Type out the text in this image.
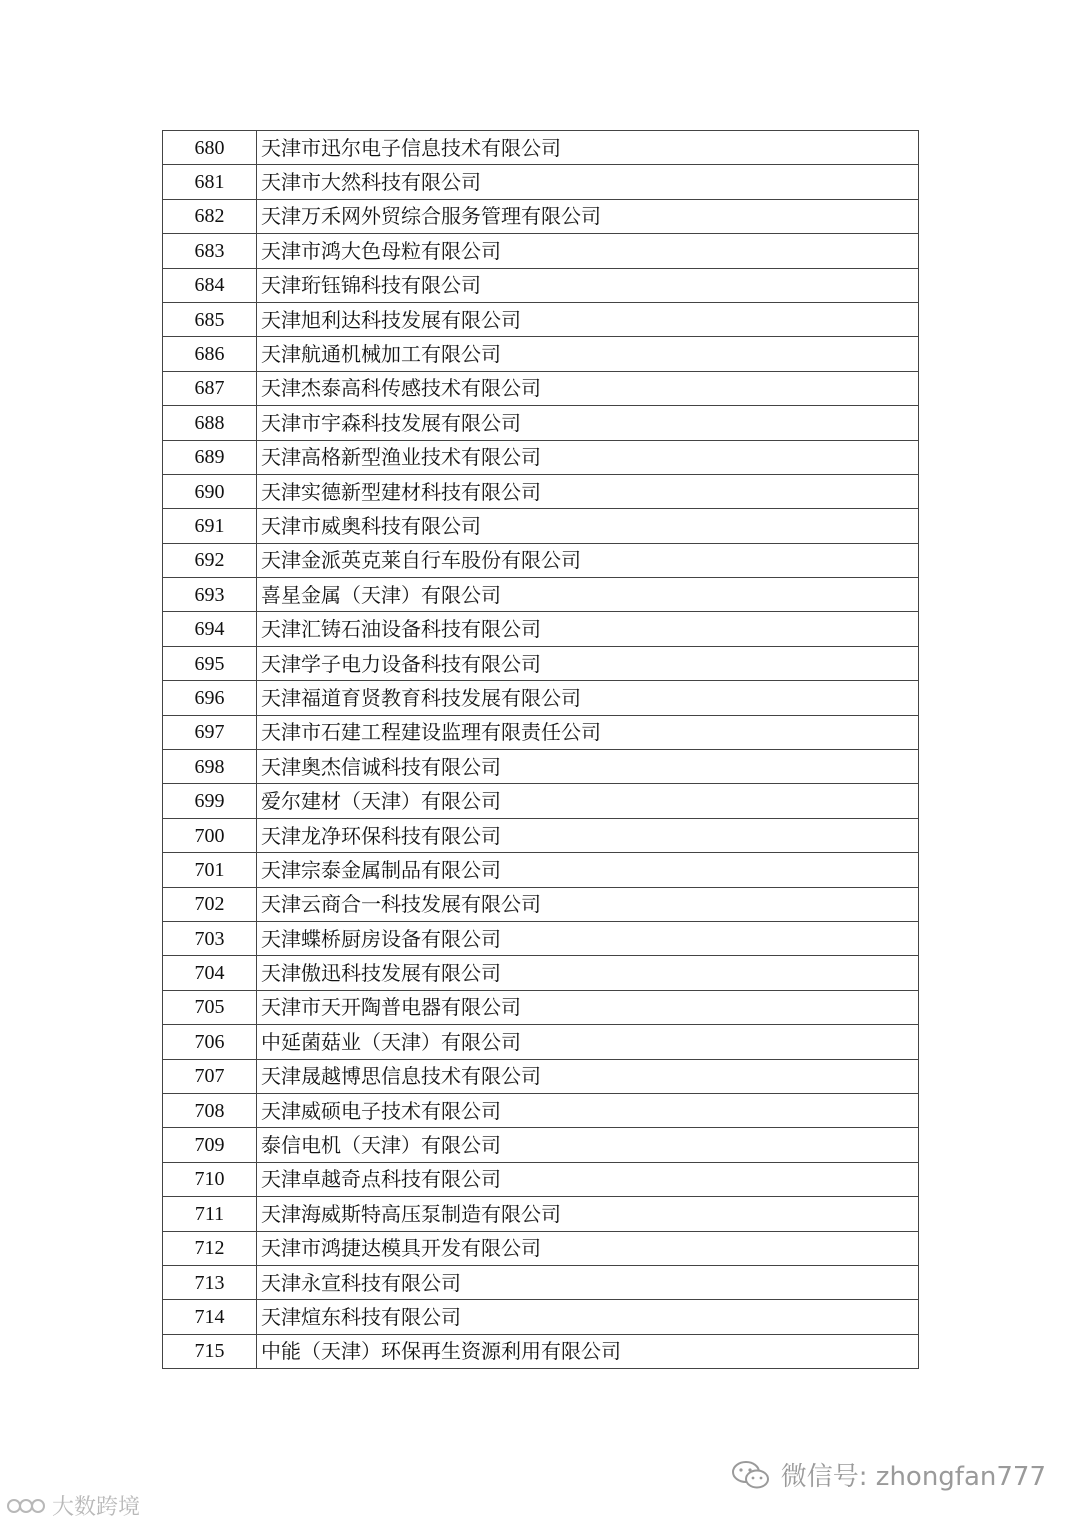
680	天津市迅尔电子信息技术有限公司
681	天津市大然科技有限公司
682	天津万禾网外贸综合服务管理有限公司
683	天津市鸿大色母粒有限公司
684	天津珩钰锦科技有限公司
685	天津旭利达科技发展有限公司
686	天津航通机械加工有限公司
687	天津杰泰高科传感技术有限公司
688	天津市宇森科技发展有限公司
689	天津高格新型渔业技术有限公司
690	天津实德新型建材科技有限公司
691	天津市威奥科技有限公司
692	天津金派英克莱自行车股份有限公司
693	喜星金属（天津）有限公司
694	天津汇铸石油设备科技有限公司
695	天津学子电力设备科技有限公司
696	天津福道育贤教育科技发展有限公司
697	天津市石建工程建设监理有限责任公司
698	天津奥杰信诚科技有限公司
699	爱尔建材（天津）有限公司
700	天津龙净环保科技有限公司
701	天津宗泰金属制品有限公司
702	天津云商合一科技发展有限公司
703	天津蝶桥厨房设备有限公司
704	天津傲迅科技发展有限公司
705	天津市天开陶普电器有限公司
706	中延菌菇业（天津）有限公司
707	天津晟越博思信息技术有限公司
708	天津威硕电子技术有限公司
709	泰信电机（天津）有限公司
710	天津卓越奇点科技有限公司
711	天津海威斯特高压泵制造有限公司
712	天津市鸿捷达模具开发有限公司
713	天津永宣科技有限公司
714	天津煊东科技有限公司
715	中能（天津）环保再生资源利用有限公司
微信号: zhongfan777
大数跨境
